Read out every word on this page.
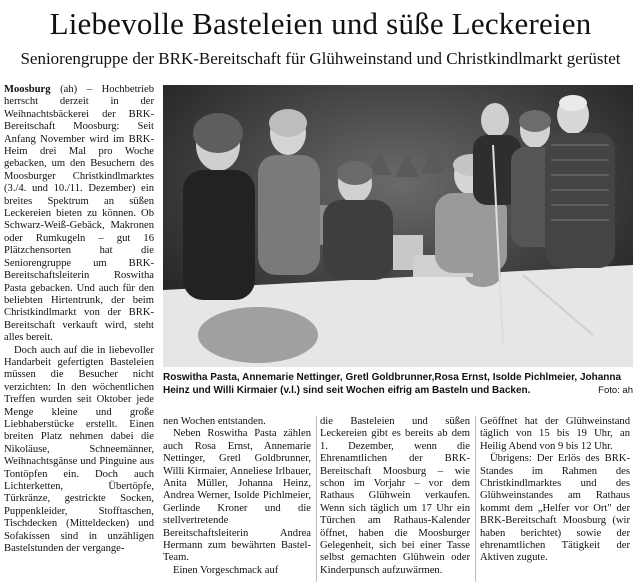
Liebevolle Basteleien und süße Leckereien
Seniorengruppe der BRK-Bereitschaft für Glühweinstand und Christkindlmarkt gerüstet

Moosburg (ah) – Hochbetrieb herrscht derzeit in der Weihnachtsbäckerei der BRK-Bereitschaft Moosburg: Seit Anfang November wird im BRK-Heim drei Mal pro Woche gebacken, um den Besuchern des Moosburger Christkindlmarktes (3./4. und 10./11. Dezember) ein breites Spektrum an süßen Leckereien bieten zu können. Ob Schwarz-Weiß-Gebäck, Makronen oder Rumkugeln – gut 16 Plätzchensorten hat die Seniorengruppe um BRK-Bereitschaftsleiterin Roswitha Pasta gebacken. Und auch für den beliebten Hirtentrunk, der beim Christkindlmarkt von der BRK-Bereitschaft verkauft wird, steht alles bereit.

Doch auch auf die in liebevoller Handarbeit gefertigten Basteleien müssen die Besucher nicht verzichten: In den wöchentlichen Treffen wurden seit Oktober jede Menge kleine und große Liebhaberstücke erstellt. Einen breiten Platz nehmen dabei die Nikoläuse, Schneemänner, Weihnachtsgänse und Pinguine aus Tontöpfen ein. Doch auch Lichterketten, Übertöpfe, Türkränze, gestrickte Socken, Puppenkleider, Stofftaschen, Tischdecken (Mitteldecken) und Sofakissen sind in unzähligen Bastelstunden der vergange-

Roswitha Pasta, Annemarie Nettinger, Gretl Goldbrunner,Rosa Ernst, Isolde Pichlmeier, Johanna Heinz und Willi Kirmaier (v.l.) sind seit Wochen eifrig am Basteln und Backen.	Foto: ah

nen Wochen entstanden.

Neben Roswitha Pasta zählen auch Rosa Ernst, Annemarie Nettinger, Gretl Goldbrunner, Willi Kirmaier, Anneliese Irlbauer, Anita Müller, Johanna Heinz, Andrea Werner, Isolde Pichlmeier, Gerlinde Kroner und die stellvertretende Bereitschaftsleiterin Andrea Hermann zum bewährten Bastel-Team.

Einen Vorgeschmack auf

die Basteleien und süßen Leckereien gibt es bereits ab dem 1. Dezember, wenn die Ehrenamtlichen der BRK-Bereitschaft Moosburg – wie schon im Vorjahr – vor dem Rathaus Glühwein verkaufen. Wenn sich täglich um 17 Uhr ein Türchen am Rathaus-Kalender öffnet, haben die Moosburger Gelegenheit, sich bei einer Tasse selbst gemachten Glühwein oder Kinderpunsch aufzuwärmen.

Geöffnet hat der Glühweinstand täglich von 15 bis 19 Uhr, an Heilig Abend von 9 bis 12 Uhr.

Übrigens: Der Erlös des BRK-Standes im Rahmen des Christkindlmarktes und des Glühweinstandes am Rathaus kommt dem „Helfer vor Ort" der BRK-Bereitschaft Moosburg (wir haben berichtet) sowie der ehrenamtlichen Tätigkeit der Aktiven zugute.
